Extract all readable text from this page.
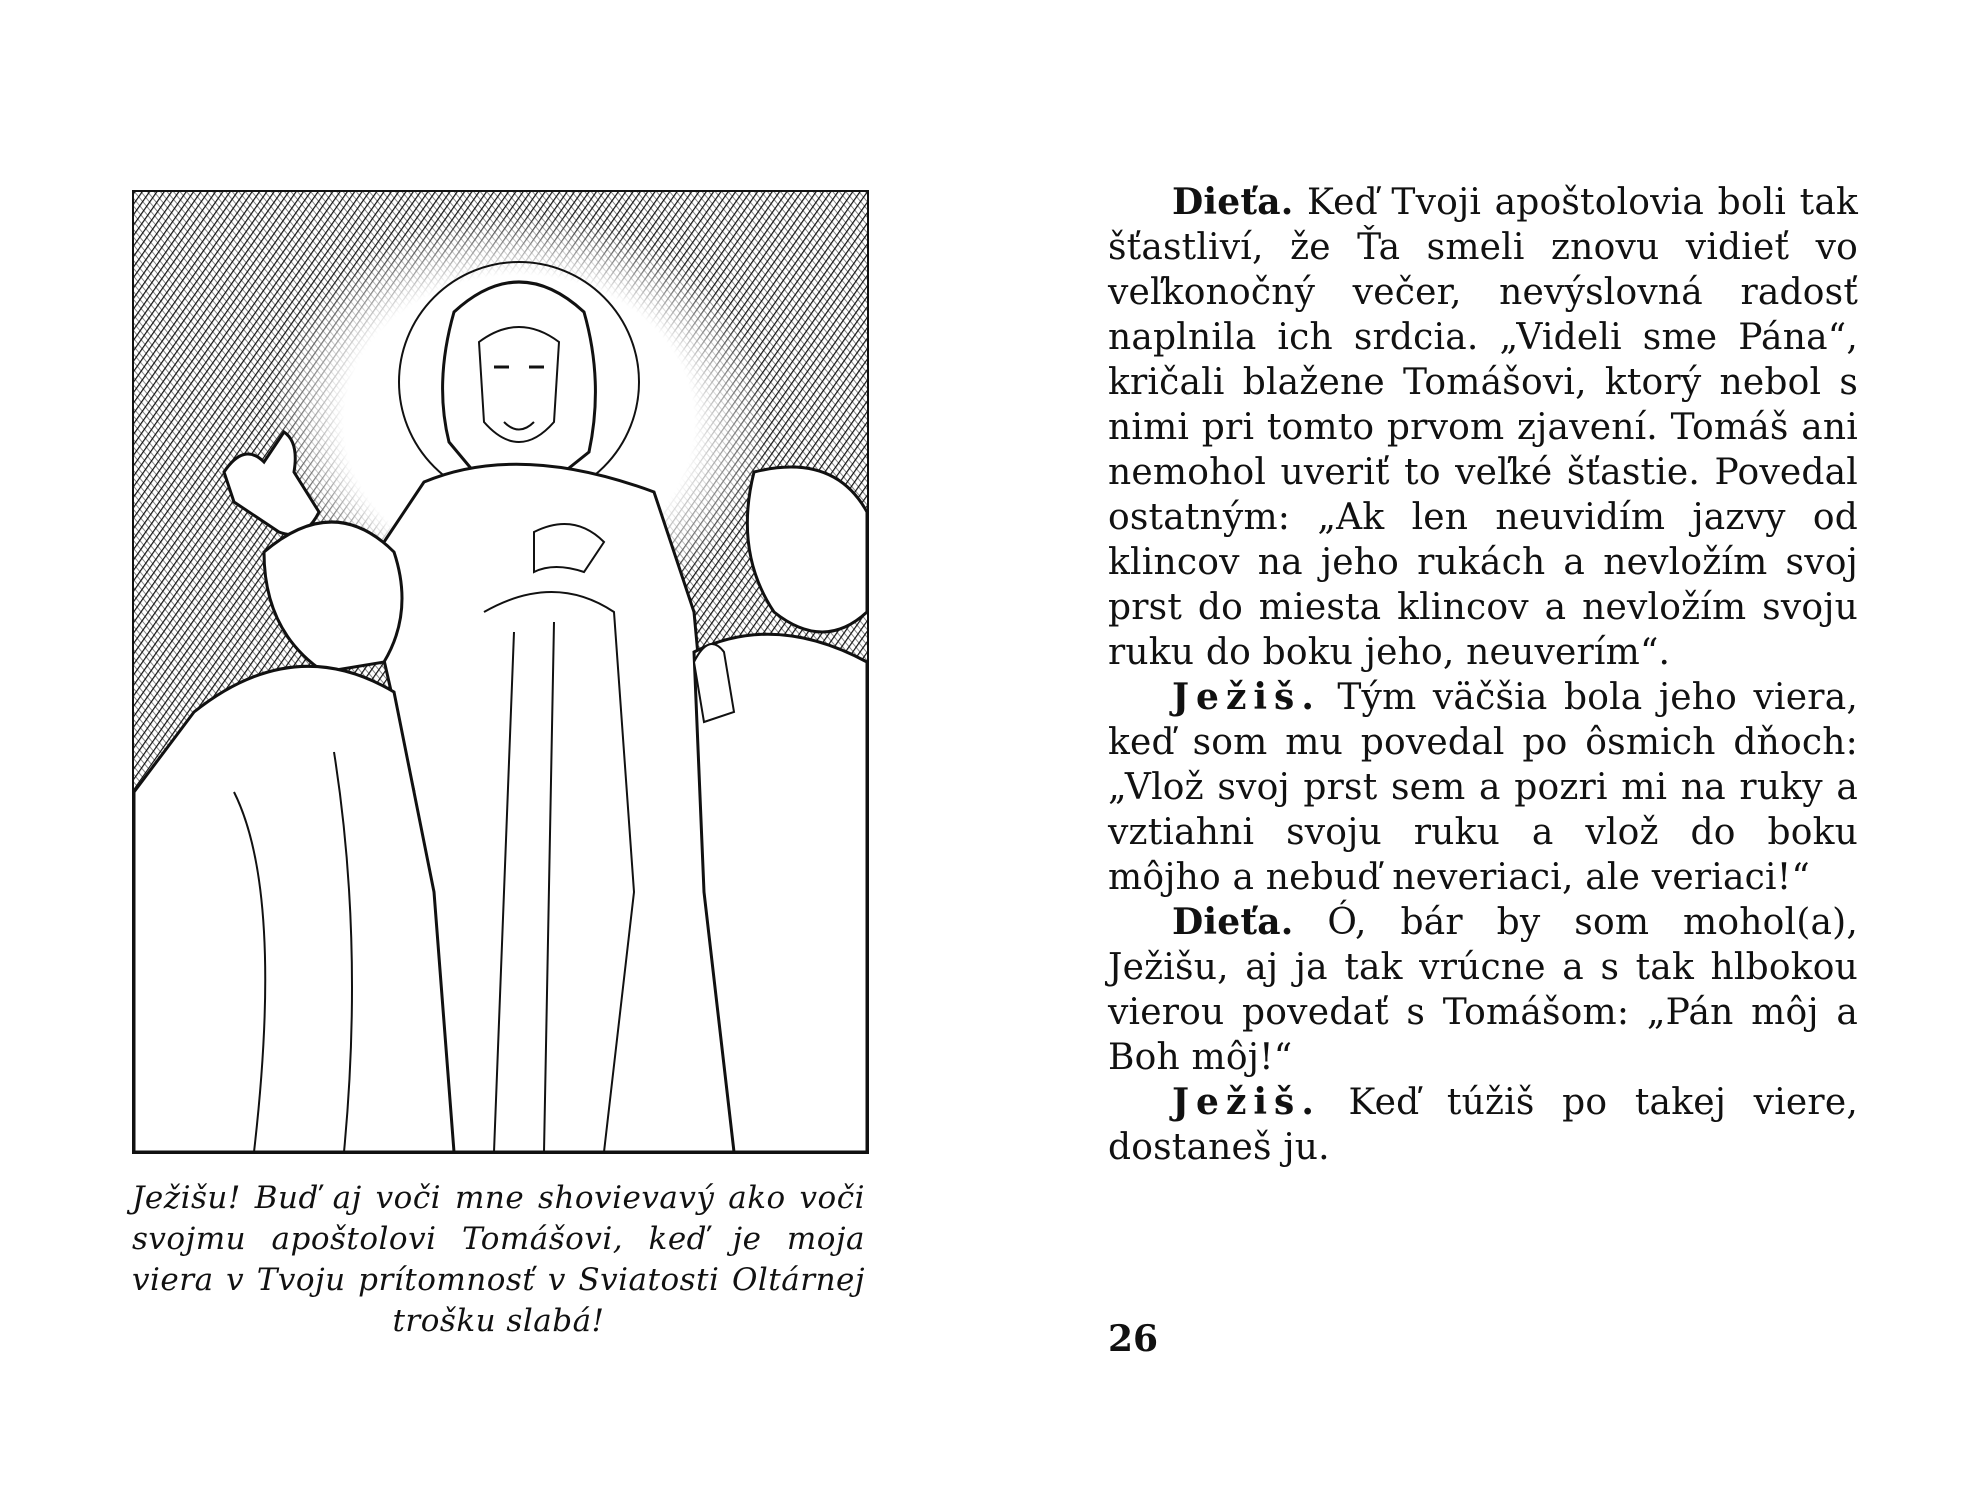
Ježišu! Buď aj voči mne shovievavý ako voči svojmu apoštolovi Tomášovi, keď je moja viera v Tvoju prítomnosť v Sviatosti Oltárnej trošku slabá!

Dieťa. Keď Tvoji apoštolovia boli tak šťastliví, že Ťa smeli znovu vidieť vo veľkonočný večer, nevýslovná radosť naplnila ich srdcia. „Videli sme Pána“, kričali blažene Tomášovi, ktorý nebol s nimi pri tomto prvom zjavení. Tomáš ani nemohol uveriť to veľké šťastie. Povedal ostatným: „Ak len neuvidím jazvy od klincov na jeho rukách a nevložím svoj prst do miesta klincov a nevložím svoju ruku do boku jeho, neuverím“.

Ježiš. Tým väčšia bola jeho viera, keď som mu povedal po ôsmich dňoch: „Vlož svoj prst sem a pozri mi na ruky a vztiahni svoju ruku a vlož do boku môjho a nebuď neveriaci, ale veriaci!“

Dieťa. Ó, bár by som mohol(a), Ježišu, aj ja tak vrúcne a s tak hlbokou vierou povedať s Tomášom: „Pán môj a Boh môj!“

Ježiš. Keď túžiš po takej viere, dostaneš ju.

26
